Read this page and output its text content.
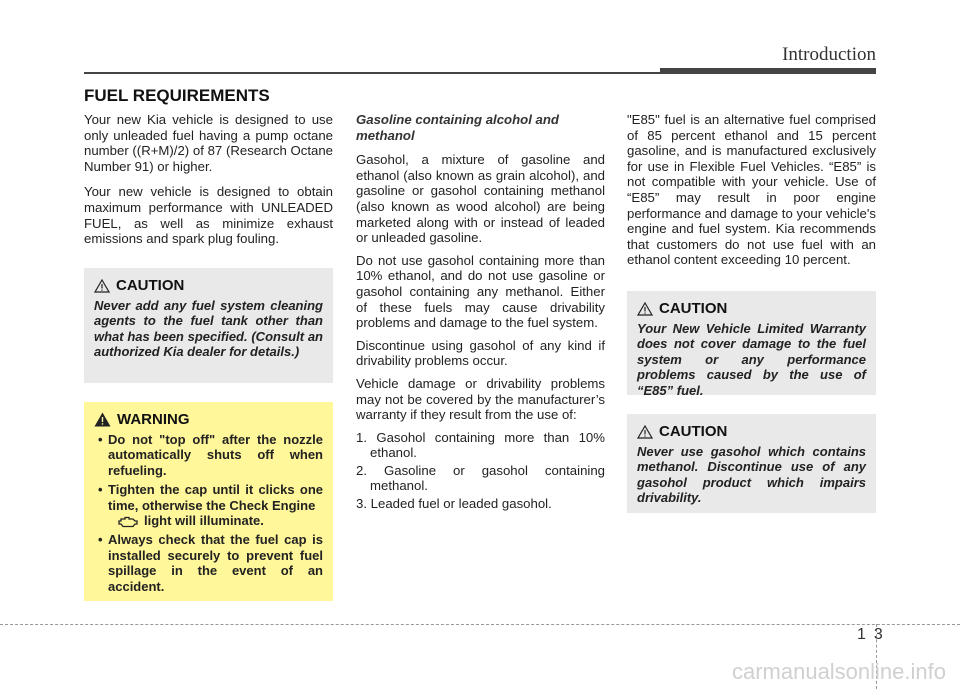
Introduction
FUEL REQUIREMENTS

Your new Kia vehicle is designed to use only unleaded fuel having a pump octane number ((R+M)/2) of 87 (Research Octane Number 91) or higher.

Your new vehicle is designed to obtain maximum performance with UNLEADED FUEL, as well as minimize exhaust emissions and spark plug fouling.

CAUTION
Never add any fuel system cleaning agents to the fuel tank other than what has been specified. (Consult an authorized Kia dealer for details.)
WARNING
• Do not "top off" after the nozzle automatically shuts off when refueling.
• Tighten the cap until it clicks one time, otherwise the Check Engine
light will illuminate.
• Always check that the fuel cap is installed securely to prevent fuel spillage in the event of an accident.

Gasoline containing alcohol and methanol

Gasohol, a mixture of gasoline and ethanol (also known as grain alcohol), and gasoline or gasohol containing methanol (also known as wood alcohol) are being marketed along with or instead of leaded or unleaded gasoline.

Do not use gasohol containing more than 10% ethanol, and do not use gasoline or gasohol containing any methanol. Either of these fuels may cause drivability problems and damage to the fuel system.

Discontinue using gasohol of any kind if drivability problems occur.

Vehicle damage or drivability problems may not be covered by the manufacturer’s warranty if they result from the use of:

1. Gasohol containing more than 10% ethanol.

2. Gasoline or gasohol containing methanol.

3. Leaded fuel or leaded gasohol.

"E85" fuel is an alternative fuel comprised of 85 percent ethanol and 15 percent gasoline, and is manufactured exclusively for use in Flexible Fuel Vehicles. “E85” is not compatible with your vehicle. Use of “E85” may result in poor engine performance and damage to your vehicle's engine and fuel system. Kia recommends that customers do not use fuel with an ethanol content exceeding 10 percent.

CAUTION
Your New Vehicle Limited Warranty does not cover damage to the fuel system or any performance problems caused by the use of “E85” fuel.
CAUTION
Never use gasohol which contains methanol. Discontinue use of any gasohol product which impairs drivability.
1 3
carmanualsonline.info
